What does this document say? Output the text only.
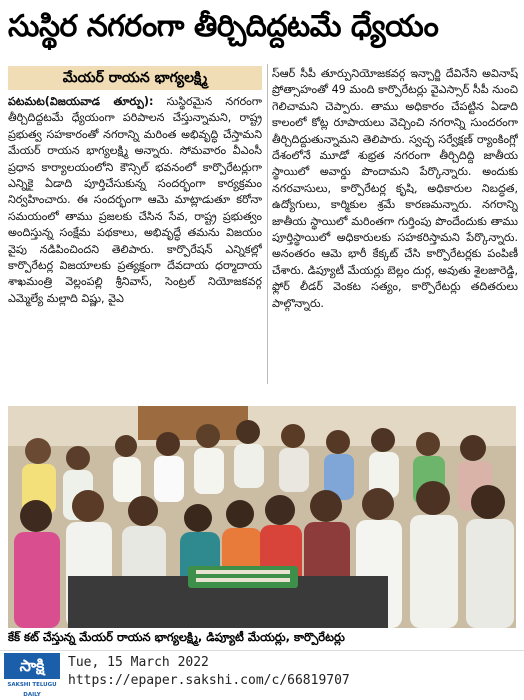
సుస్థిర నగరంగా తీర్చిదిద్దటమే ధ్యేయం
మేయర్ రాయన భాగ్యలక్ష్మి

పటమట(విజయవాడ తూర్పు): సుస్థిరమైన నగరంగా తీర్చిదిద్దటమే ధ్యేయంగా పరిపాలన చేస్తున్నామని, రాష్ట్ర ప్రభుత్వ సహకారంతో నగరాన్ని మరింత అభివృద్ధి చేస్తామని మేయర్ రాయన భాగ్యలక్ష్మి అన్నారు. సోమవారం వీఎంసీ ప్రధాన కార్యాలయంలోని కౌన్సిల్ భవనంలో కార్పొరేటర్లుగా ఎన్నికై ఏడాది పూర్తిచేసుకున్న సందర్భంగా కార్యక్రమం నిర్వహించారు. ఈ సందర్భంగా ఆమె మాట్లాడుతూ కరోనా సమయంలో తాము ప్రజలకు చేసిన సేవ, రాష్ట్ర ప్రభుత్వం అందిస్తున్న సంక్షేమ పథకాలు, అభివృద్ధే తమను విజయం వైపు నడిపించిందని తెలిపారు. కార్పొరేషన్ ఎన్నికల్లో కార్పొరేటర్ల విజయాలకు ప్రత్యక్షంగా దేవదాయ ధర్మాదాయ శాఖమంత్రి వెల్లంపల్లి శ్రీనివాస్, సెంట్రల్ నియోజకవర్గ ఎమ్మెల్యే మల్లాది విష్ణు, వైఎ

స్ఆర్ సీపీ తూర్పునియోజకవర్గ ఇన్చార్జి దేవినేని అవినాష్ ప్రోత్సాహంతో 49 మంది కార్పొరేటర్లు వైఎస్సార్ సీపీ నుంచి గెలిచామని చెప్పారు. తాము అధికారం చేపట్టిన ఏడాది కాలంలో కోట్ల రూపాయలు వెచ్చించి నగరాన్ని సుందరంగా తీర్చిదిద్దుతున్నామని తెలిపారు. స్వచ్ఛ సర్వేక్షణ్ ర్యాంకింగ్లో దేశంలోనే మూడో శుభ్రత నగరంగా తీర్చిదిద్ది జాతీయ స్థాయిలో అవార్డు పొందామని పేర్కొన్నారు. అందుకు నగరవాసులు, కార్పొరేటర్ల కృషి, అధికారుల నిబద్ధత, ఉద్యోగులు, కార్మికుల శ్రమే కారణమన్నారు. నగరాన్ని జాతీయ స్థాయిలో మరింతగా గుర్తింపు పొందేందుకు తాము పూర్తిస్థాయిలో అధికారులకు సహకరిస్తామని పేర్కొన్నారు. అనంతరం ఆమె భారీ కేక్కట్ చేసి కార్పొరేటర్లకు పంపిణీ చేశారు. డిప్యూటీ మేయర్లు బెల్లం దుర్గ, అవుతు శైలజారెడ్డి, ఫ్లోర్ లీడర్ వెంకట సత్యం, కార్పొరేటర్లు తదితరులు పాల్గొన్నారు.

కేక్ కట్ చేస్తున్న మేయర్ రాయన భాగ్యలక్ష్మి, డిప్యూటీ మేయర్లు, కార్పొరేటర్లు
సాక్షి
SAKSHI TELUGU DAILY
Tue, 15 March 2022
https://epaper.sakshi.com/c/66819707
